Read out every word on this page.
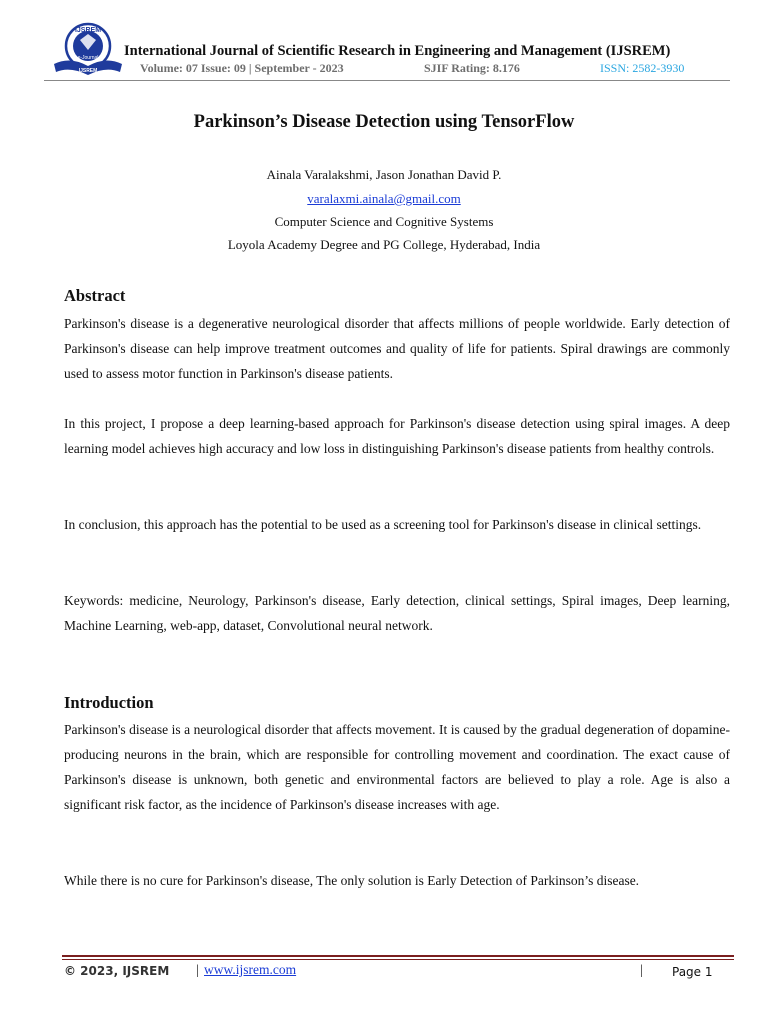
IJSREM
e-Journal
IJSREM
International Journal of Scientific Research in Engineering and Management (IJSREM)
Volume: 07 Issue: 09 | September - 2023	SJIF Rating: 8.176	ISSN: 2582-3930
Parkinson’s Disease Detection using TensorFlow
Ainala Varalakshmi, Jason Jonathan David P.
varalaxmi.ainala@gmail.com
Computer Science and Cognitive Systems
Loyola Academy Degree and PG College, Hyderabad, India
Abstract

Parkinson's disease is a degenerative neurological disorder that affects millions of people worldwide. Early detection of Parkinson's disease can help improve treatment outcomes and quality of life for patients. Spiral drawings are commonly used to assess motor function in Parkinson's disease patients.

In this project, I propose a deep learning-based approach for Parkinson's disease detection using spiral images. A deep learning model achieves high accuracy and low loss in distinguishing Parkinson's disease patients from healthy controls.

In conclusion, this approach has the potential to be used as a screening tool for Parkinson's disease in clinical settings.

Keywords: medicine, Neurology, Parkinson's disease, Early detection, clinical settings, Spiral images, Deep learning, Machine Learning, web-app, dataset, Convolutional neural network.

Introduction

Parkinson's disease is a neurological disorder that affects movement. It is caused by the gradual degeneration of dopamine-producing neurons in the brain, which are responsible for controlling movement and coordination. The exact cause of Parkinson's disease is unknown, both genetic and environmental factors are believed to play a role. Age is also a significant risk factor, as the incidence of Parkinson's disease increases with age.

While there is no cure for Parkinson's disease, The only solution is Early Detection of Parkinson’s disease.

© 2023, IJSREM | www.ijsrem.com	| Page 1
